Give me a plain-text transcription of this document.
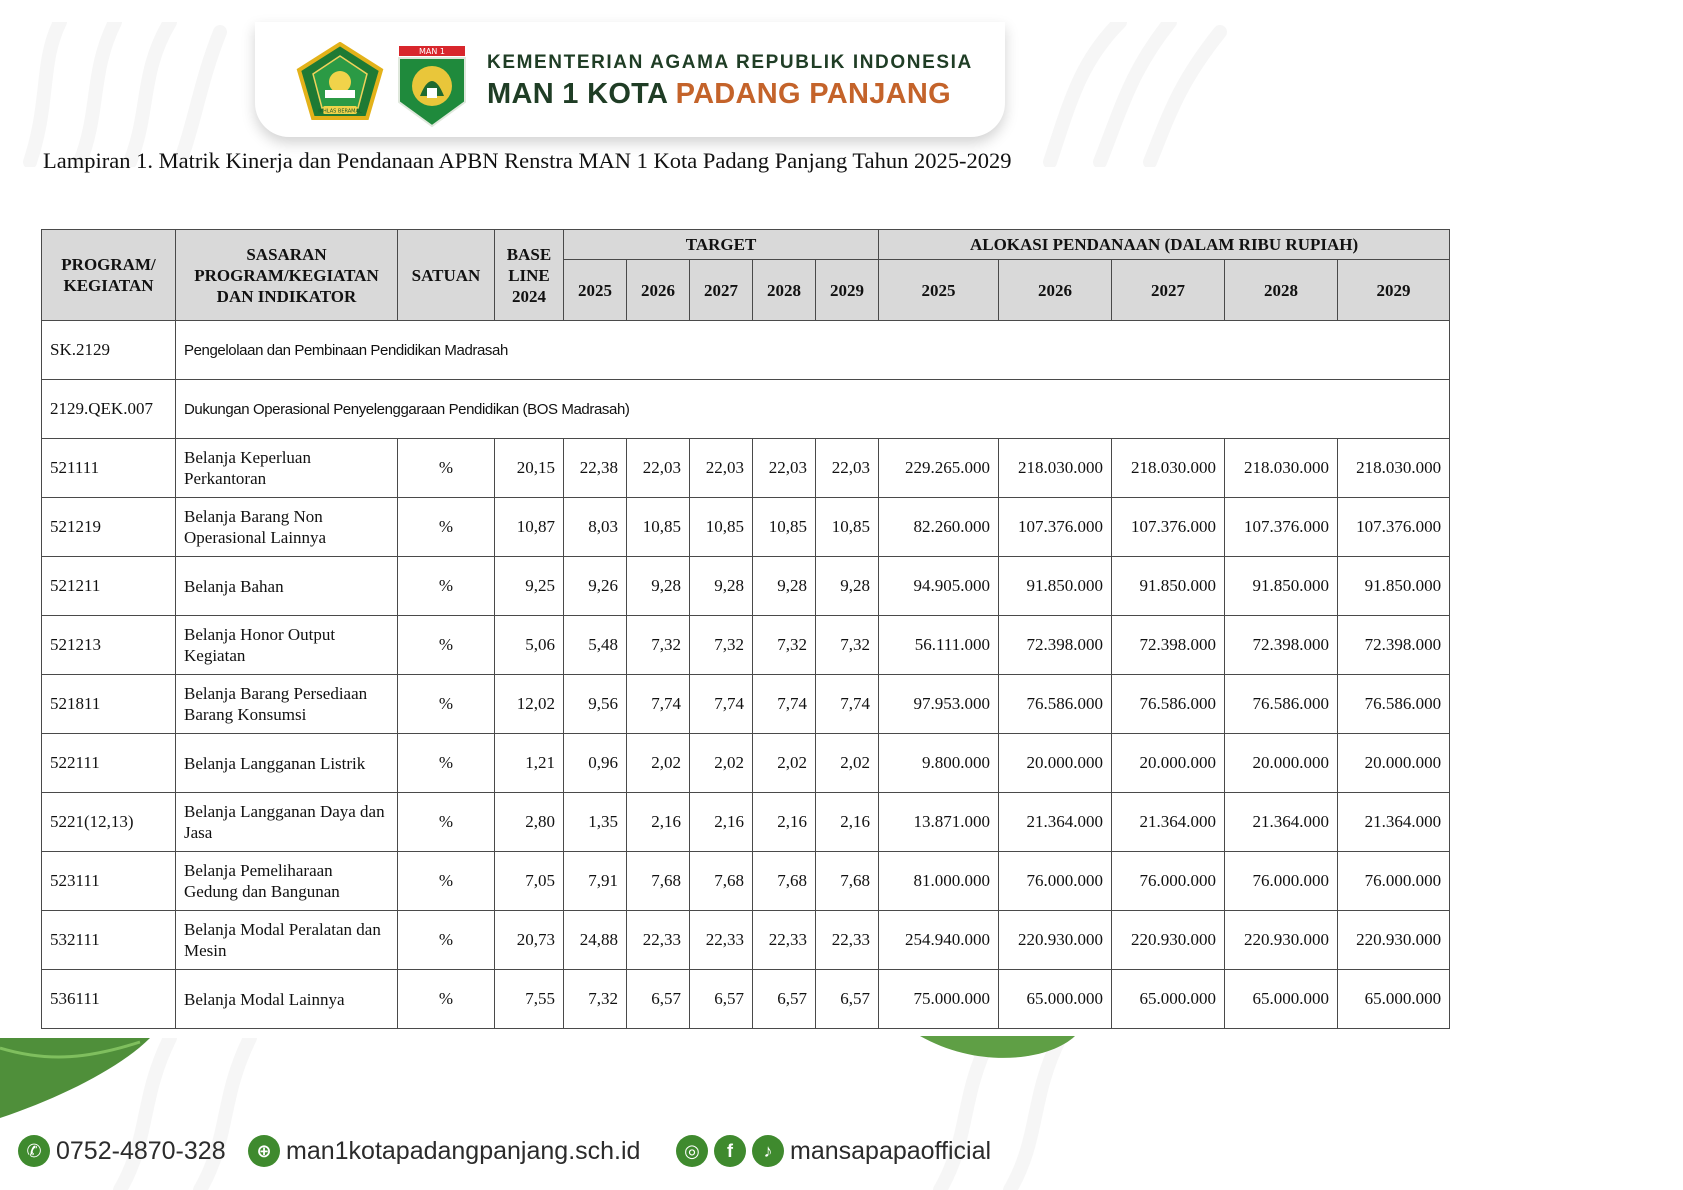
IKHLAS BERAMAL
MAN 1
KEMENTERIAN AGAMA REPUBLIK INDONESIA
MAN 1 KOTA PADANG PANJANG
Lampiran 1. Matrik Kinerja dan Pendanaan APBN Renstra MAN 1 Kota Padang Panjang Tahun 2025-2029
PROGRAM/ KEGIATAN	SASARAN PROGRAM/KEGIATAN DAN INDIKATOR	SATUAN	BASE LINE 2024	TARGET					ALOKASI PENDANAAN (DALAM RIBU RUPIAH)				
				2025	2026	2027	2028	2029	2025	2026	2027	2028	2029
SK.2129	Pengelolaan dan Pembinaan Pendidikan Madrasah												
2129.QEK.007	Dukungan Operasional Penyelenggaraan Pendidikan (BOS Madrasah)												
521111	Belanja Keperluan Perkantoran	%	20,15	22,38	22,03	22,03	22,03	22,03	229.265.000	218.030.000	218.030.000	218.030.000	218.030.000
521219	Belanja Barang Non Operasional Lainnya	%	10,87	8,03	10,85	10,85	10,85	10,85	82.260.000	107.376.000	107.376.000	107.376.000	107.376.000
521211	Belanja Bahan	%	9,25	9,26	9,28	9,28	9,28	9,28	94.905.000	91.850.000	91.850.000	91.850.000	91.850.000
521213	Belanja Honor Output Kegiatan	%	5,06	5,48	7,32	7,32	7,32	7,32	56.111.000	72.398.000	72.398.000	72.398.000	72.398.000
521811	Belanja Barang Persediaan Barang Konsumsi	%	12,02	9,56	7,74	7,74	7,74	7,74	97.953.000	76.586.000	76.586.000	76.586.000	76.586.000
522111	Belanja Langganan Listrik	%	1,21	0,96	2,02	2,02	2,02	2,02	9.800.000	20.000.000	20.000.000	20.000.000	20.000.000
5221(12,13)	Belanja Langganan Daya dan Jasa	%	2,80	1,35	2,16	2,16	2,16	2,16	13.871.000	21.364.000	21.364.000	21.364.000	21.364.000
523111	Belanja Pemeliharaan Gedung dan Bangunan	%	7,05	7,91	7,68	7,68	7,68	7,68	81.000.000	76.000.000	76.000.000	76.000.000	76.000.000
532111	Belanja Modal Peralatan dan Mesin	%	20,73	24,88	22,33	22,33	22,33	22,33	254.940.000	220.930.000	220.930.000	220.930.000	220.930.000
536111	Belanja Modal Lainnya	%	7,55	7,32	6,57	6,57	6,57	6,57	75.000.000	65.000.000	65.000.000	65.000.000	65.000.000
✆ 0752-4870-328	⊕ man1kotapadangpanjang.sch.id	◎	f	♪ mansapapaofficial
